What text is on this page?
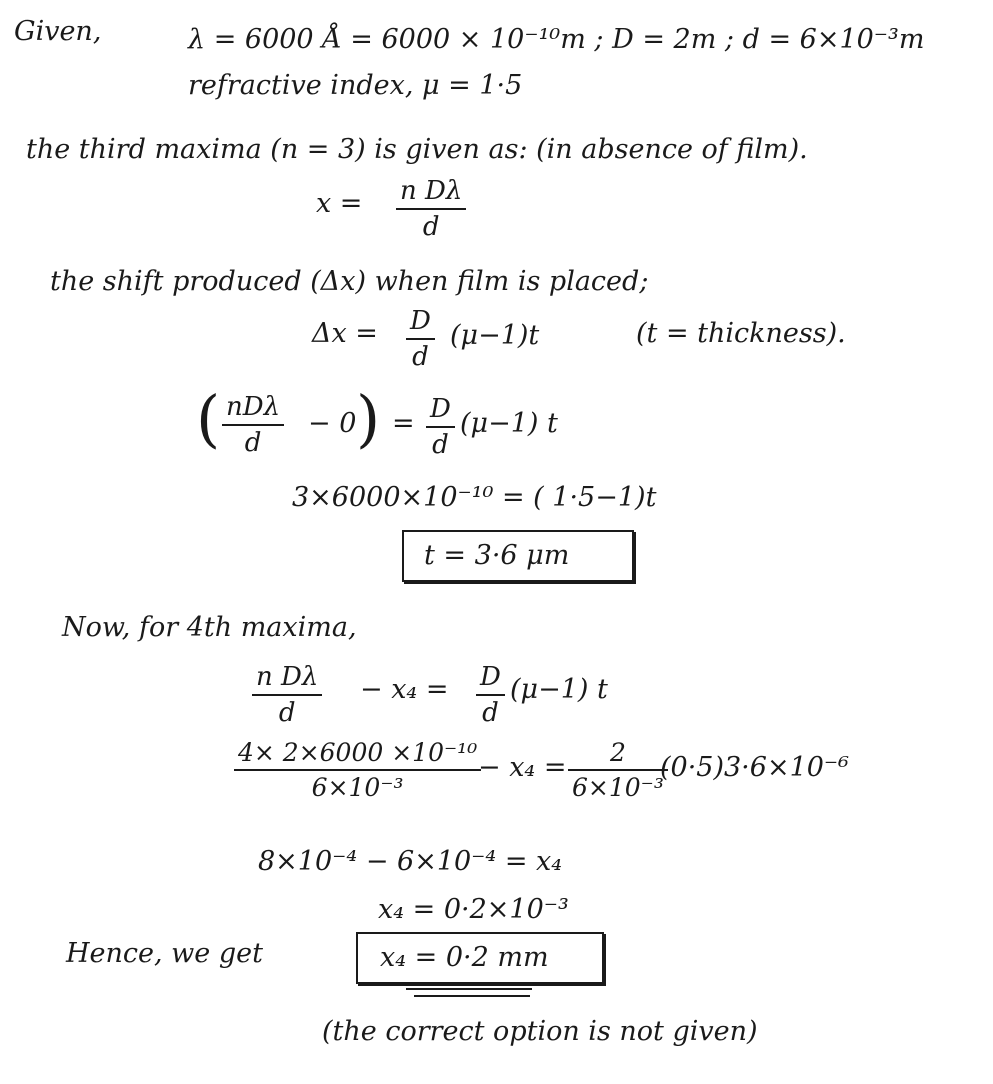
Given,	λ = 6000 Å = 6000 × 10⁻¹⁰m ; D = 2m ; d = 6×10⁻³m
refractive index, μ = 1·5
the third maxima (n = 3) is given as: (in absence of film).
$x = \frac{\text{n Dλ}}{d}$
the shift produced (Δx) when film is placed;
$\Delta x = \frac{D}{d} (\mu-1)t$	(t = thickness).
( nDλ
d
− 0 ) = $\frac{D}{d} (\mu-1)$ t
3×6000×10⁻¹⁰ = ( 1·5−1)t
t = 3·6 μm
Now, for 4th maxima,
$\frac{\text{n Dλ}}{d} - x_4 = \frac{D}{d} (\mu-1)$ t
$\frac{\text{4× 2×6000 ×10⁻¹⁰}}{\text{6×10⁻³}}$
− $x_4 = \frac{2}{\text{6×10⁻³}}$
(0·5)3·6×10⁻⁶
8×10⁻⁴ − 6×10⁻⁴ = x₄
x₄ = 0·2×10⁻³
Hence, we get	x₄ = 0·2 mm
(the correct option is not given)
